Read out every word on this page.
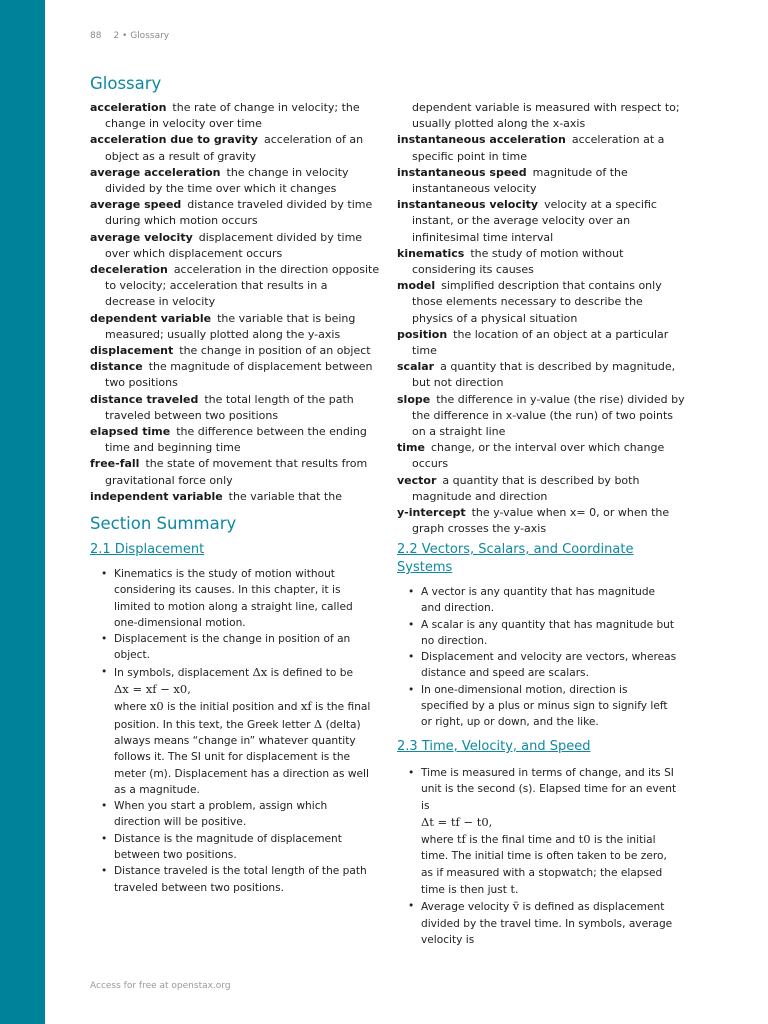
88 2 • Glossary
Glossary

acceleration the rate of change in velocity; the change in velocity over time

acceleration due to gravity acceleration of an object as a result of gravity

average acceleration the change in velocity divided by the time over which it changes

average speed distance traveled divided by time during which motion occurs

average velocity displacement divided by time over which displacement occurs

deceleration acceleration in the direction opposite to velocity; acceleration that results in a decrease in velocity

dependent variable the variable that is being measured; usually plotted along the y-axis

displacement the change in position of an object

distance the magnitude of displacement between two positions

distance traveled the total length of the path traveled between two positions

elapsed time the difference between the ending time and beginning time

free-fall the state of movement that results from gravitational force only

independent variable the variable that the

dependent variable is measured with respect to; usually plotted along the x-axis

instantaneous acceleration acceleration at a specific point in time

instantaneous speed magnitude of the instantaneous velocity

instantaneous velocity velocity at a specific instant, or the average velocity over an infinitesimal time interval

kinematics the study of motion without considering its causes

model simplified description that contains only those elements necessary to describe the physics of a physical situation

position the location of an object at a particular time

scalar a quantity that is described by magnitude, but not direction

slope the difference in y-value (the rise) divided by the difference in x-value (the run) of two points on a straight line

time change, or the interval over which change occurs

vector a quantity that is described by both magnitude and direction

y-intercept the y-value when x= 0, or when the graph crosses the y-axis

Section Summary
2.1 Displacement
• Kinematics is the study of motion without considering its causes. In this chapter, it is limited to motion along a straight line, called one-dimensional motion.
• Displacement is the change in position of an object.
• In symbols, displacement Δx is defined to be
Δx = xf − x0,
where x0 is the initial position and xf is the final position. In this text, the Greek letter Δ (delta) always means “change in” whatever quantity follows it. The SI unit for displacement is the meter (m). Displacement has a direction as well as a magnitude.
• When you start a problem, assign which direction will be positive.
• Distance is the magnitude of displacement between two positions.
• Distance traveled is the total length of the path traveled between two positions.
2.2 Vectors, Scalars, and Coordinate Systems
• A vector is any quantity that has magnitude and direction.
• A scalar is any quantity that has magnitude but no direction.
• Displacement and velocity are vectors, whereas distance and speed are scalars.
• In one-dimensional motion, direction is specified by a plus or minus sign to signify left or right, up or down, and the like.
2.3 Time, Velocity, and Speed
• Time is measured in terms of change, and its SI unit is the second (s). Elapsed time for an event is
Δt = tf − t0,
where tf is the final time and t0 is the initial time. The initial time is often taken to be zero, as if measured with a stopwatch; the elapsed time is then just t.
• Average velocity v̄ is defined as displacement divided by the travel time. In symbols, average velocity is
Access for free at openstax.org
